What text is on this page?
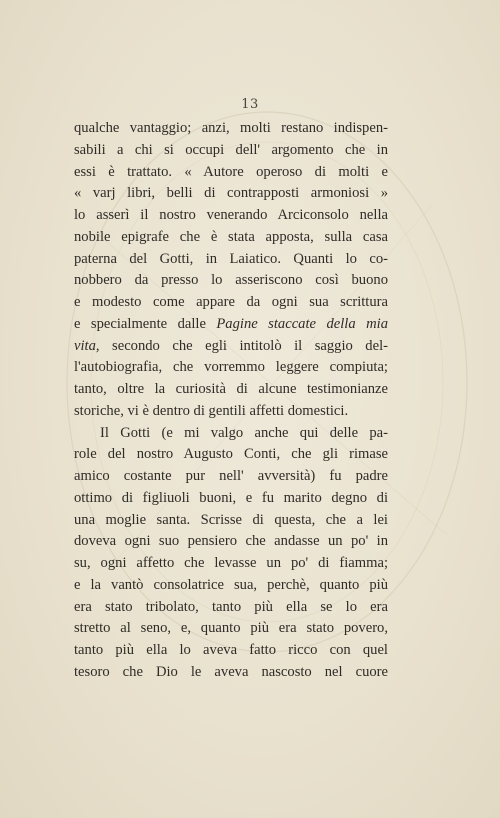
13
qualche vantaggio; anzi, molti restano indispen-
sabili a chi si occupi dell' argomento che in
essi è trattato. « Autore operoso di molti e
« varj libri, belli di contrapposti armoniosi »
lo asserì il nostro venerando Arciconsolo nella
nobile epigrafe che è stata apposta, sulla casa
paterna del Gotti, in Laiatico. Quanti lo co-
nobbero da presso lo asseriscono così buono
e modesto come appare da ogni sua scrittura
e specialmente dalle Pagine staccate della mia
vita, secondo che egli intitolò il saggio del-
l'autobiografia, che vorremmo leggere compiuta;
tanto, oltre la curiosità di alcune testimonianze
storiche, vi è dentro di gentili affetti domestici.
Il Gotti (e mi valgo anche qui delle pa-
role del nostro Augusto Conti, che gli rimase
amico costante pur nell' avversità) fu padre
ottimo di figliuoli buoni, e fu marito degno di
una moglie santa. Scrisse di questa, che a lei
doveva ogni suo pensiero che andasse un po' in
su, ogni affetto che levasse un po' di fiamma;
e la vantò consolatrice sua, perchè, quanto più
era stato tribolato, tanto più ella se lo era
stretto al seno, e, quanto più era stato povero,
tanto più ella lo aveva fatto ricco con quel
tesoro che Dio le aveva nascosto nel cuore
